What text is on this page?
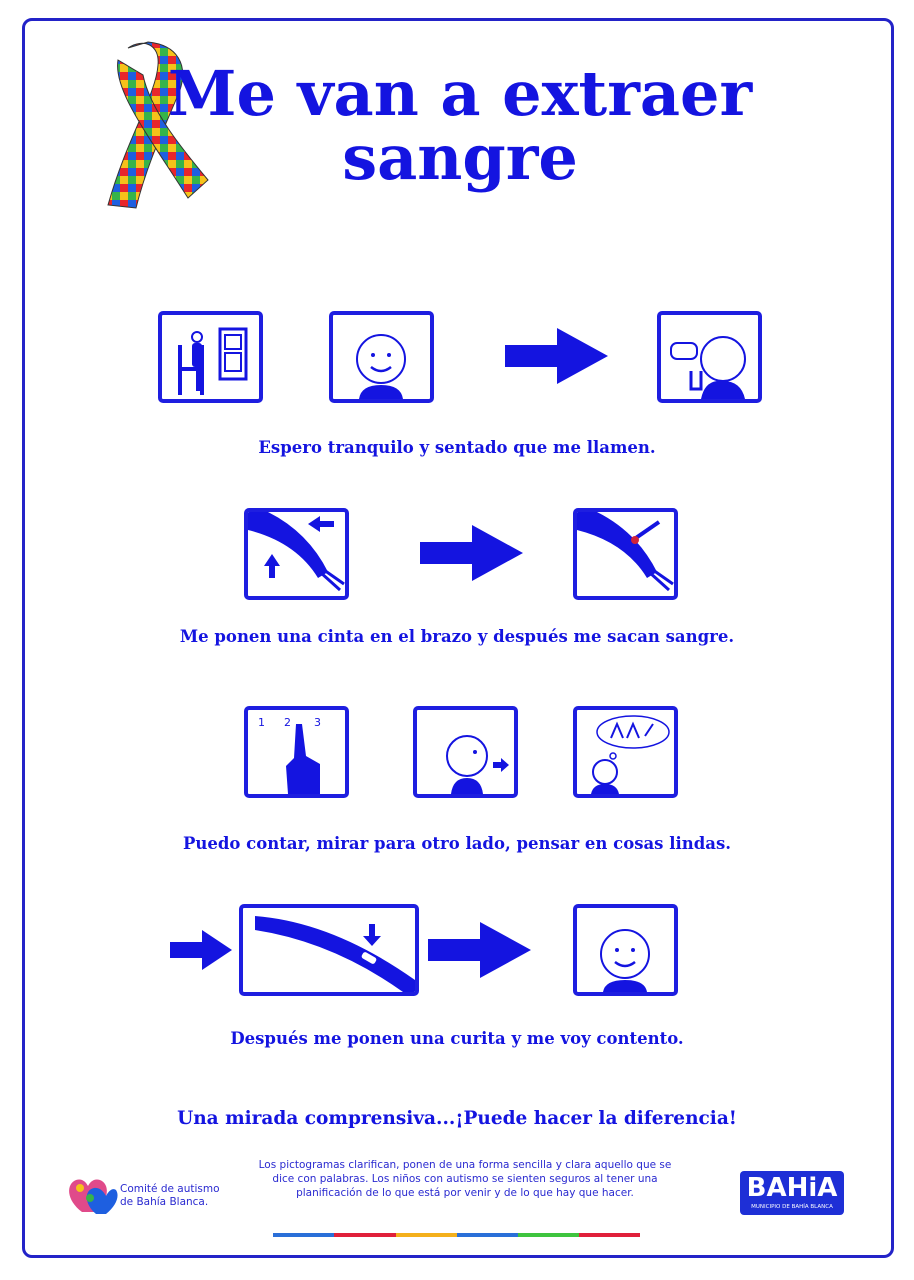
Me van a extraer
sangre
Espero tranquilo y sentado que me llamen.
Me ponen una cinta en el brazo y después me sacan sangre.
1 2 3
Puedo contar, mirar para otro lado, pensar en cosas lindas.
Después me ponen una curita y me voy contento.
Una mirada comprensiva...¡Puede hacer la diferencia!
Comité de autismo
de Bahía Blanca.
Los pictogramas clarifican, ponen de una forma sencilla y clara aquello que se dice con palabras. Los niños con autismo se sienten seguros al tener una planificación de lo que está por venir y de lo que hay que hacer.	BAHiA
MUNICIPIO DE BAHÍA BLANCA
